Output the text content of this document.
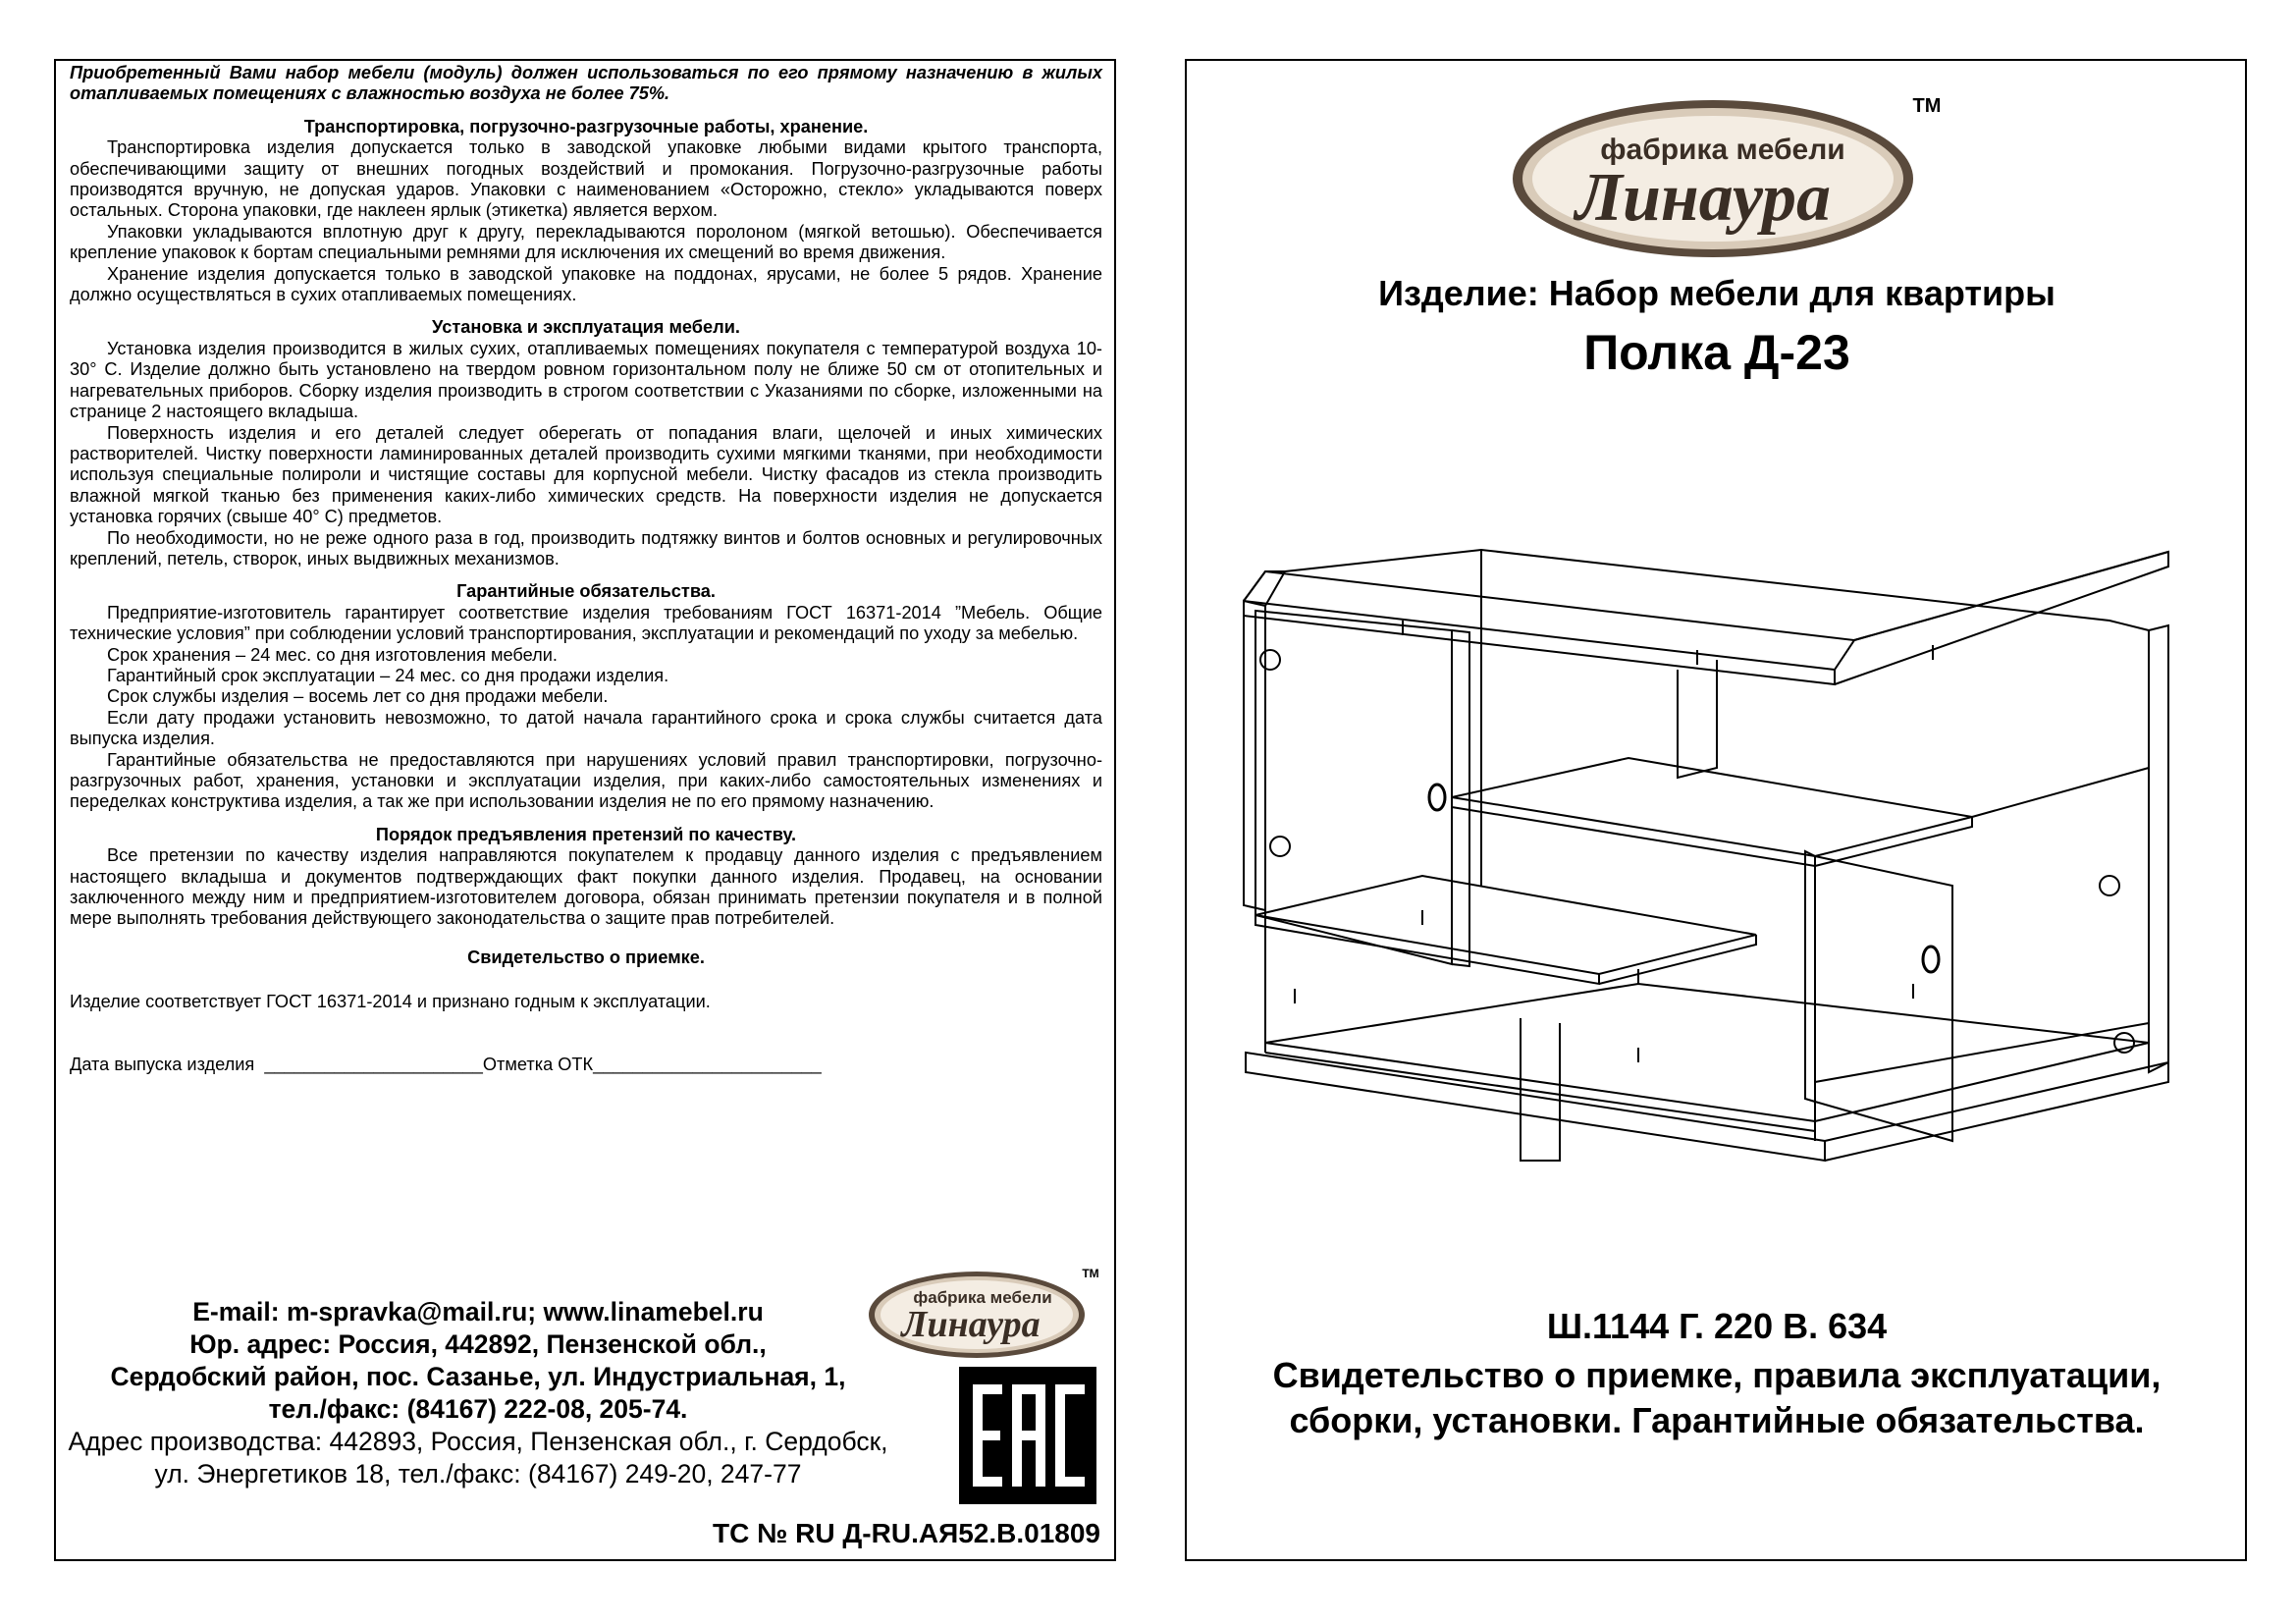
Приобретенный Вами набор мебели (модуль) должен использоваться по его прямому назначению в жилых отапливаемых помещениях с влажностью воздуха не более 75%.

Транспортировка, погрузочно-разгрузочные работы, хранение.

Транспортировка изделия допускается только в заводской упаковке любыми видами крытого транспорта, обеспечивающими защиту от внешних погодных воздействий и промокания. Погрузочно-разгрузочные работы производятся вручную, не допуская ударов. Упаковки с наименованием «Осторожно, стекло» укладываются поверх остальных. Сторона упаковки, где наклеен ярлык (этикетка) является верхом.

Упаковки укладываются вплотную друг к другу, перекладываются поролоном (мягкой ветошью). Обеспечивается крепление упаковок к бортам специальными ремнями для исключения их смещений во время движения.

Хранение изделия допускается только в заводской упаковке на поддонах, ярусами, не более 5 рядов. Хранение должно осуществляться в сухих отапливаемых помещениях.

Установка и эксплуатация мебели.

Установка изделия производится в жилых сухих, отапливаемых помещениях покупателя с температурой воздуха 10-30° С. Изделие должно быть установлено на твердом ровном горизонтальном полу не ближе 50 см от отопительных и нагревательных приборов. Сборку изделия производить в строгом соответствии с Указаниями по сборке, изложенными на странице 2 настоящего вкладыша.

Поверхность изделия и его деталей следует оберегать от попадания влаги, щелочей и иных химических растворителей. Чистку поверхности ламинированных деталей производить сухими мягкими тканями, при необходимости используя специальные полироли и чистящие составы для корпусной мебели. Чистку фасадов из стекла производить влажной мягкой тканью без применения каких-либо химических средств. На поверхности изделия не допускается установка горячих (свыше 40° С) предметов.

По необходимости, но не реже одного раза в год, производить подтяжку винтов и болтов основных и регулировочных креплений, петель, створок, иных выдвижных механизмов.

Гарантийные обязательства.

Предприятие-изготовитель гарантирует соответствие изделия требованиям ГОСТ 16371-2014 ”Мебель. Общие технические условия” при соблюдении условий транспортирования, эксплуатации и рекомендаций по уходу за мебелью.

Срок хранения – 24 мес. со дня изготовления мебели.

Гарантийный срок эксплуатации – 24 мес. со дня продажи изделия.

Срок службы изделия – восемь лет со дня продажи мебели.

Если дату продажи установить невозможно, то датой начала гарантийного срока и срока службы считается дата выпуска изделия.

Гарантийные обязательства не предоставляются при нарушениях условий правил транспортировки, погрузочно-разгрузочных работ, хранения, установки и эксплуатации изделия, при каких-либо самостоятельных изменениях и переделках конструктива изделия, а так же при использовании изделия не по его прямому назначению.

Порядок предъявления претензий по качеству.

Все претензии по качеству изделия направляются покупателем к продавцу данного изделия с предъявлением настоящего вкладыша и документов подтверждающих факт покупки данного изделия. Продавец, на основании заключенного между ним и предприятием-изготовителем договора, обязан принимать претензии покупателя и в полной мере выполнять требования действующего законодательства о защите прав потребителей.

Свидетельство о приемке.

Изделие соответствует ГОСТ 16371-2014 и признано годным к эксплуатации.

Дата выпуска изделия ______________________Отметка ОТК_______________________

фабрика мебели
Линаура
TM
E-mail: m-spravka@mail.ru; www.linamebel.ru
Юр. адрес: Россия, 442892, Пензенской обл.,
Сердобский район, пос. Сазанье, ул. Индустриальная, 1,
тел./факс: (84167) 222-08, 205-74.
Адрес производства: 442893, Россия, Пензенская обл., г. Сердобск,
ул. Энергетиков 18, тел./факс: (84167) 249-20, 247-77
ТС № RU Д-RU.АЯ52.В.01809
фабрика мебели
Линаура
TM
Изделие: Набор мебели для квартиры
Полка Д-23
Ш.1144 Г. 220 В. 634
Свидетельство о приемке, правила эксплуатации,
сборки, установки. Гарантийные обязательства.
